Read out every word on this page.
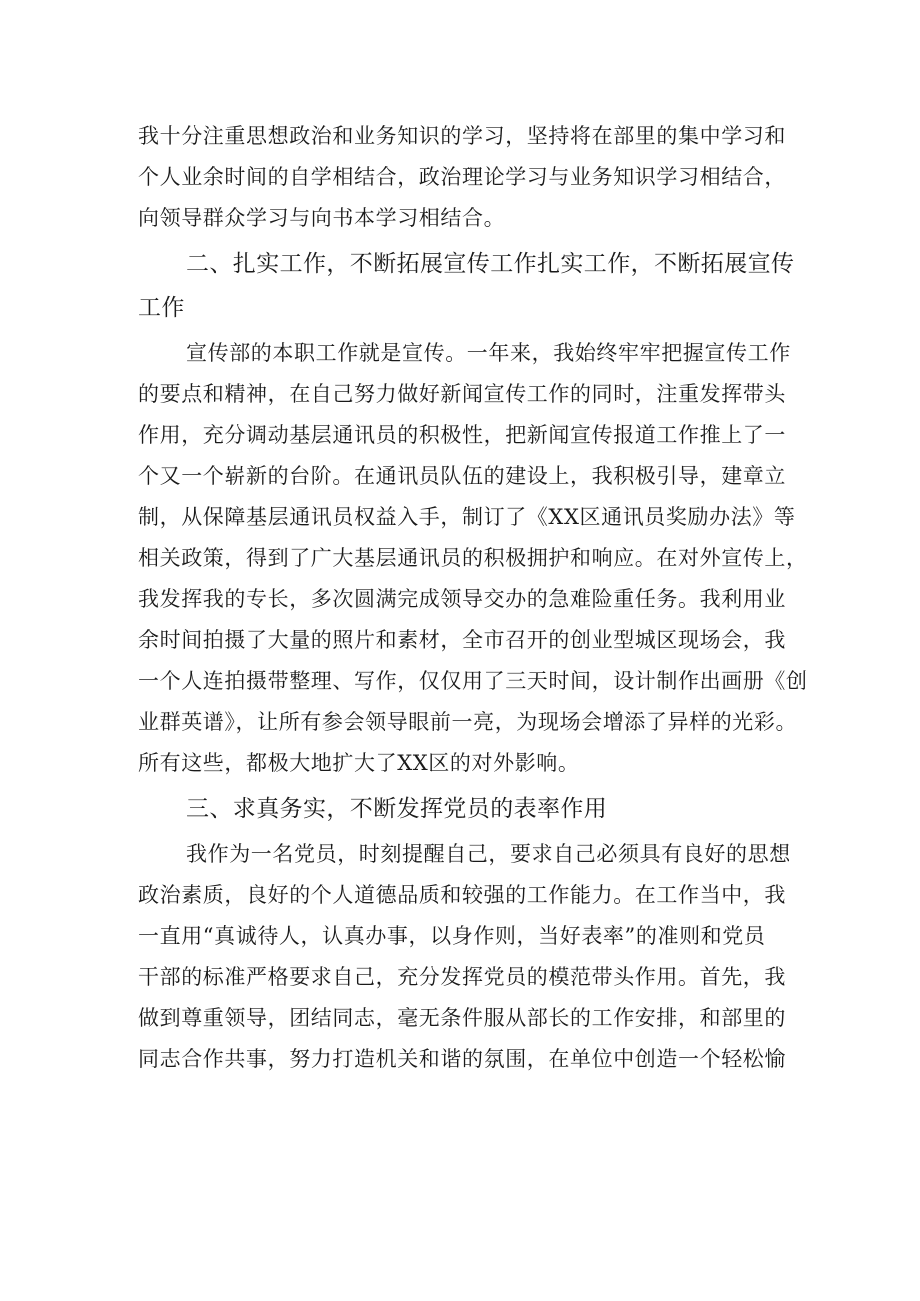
我十分注重思想政治和业务知识的学习，坚持将在部里的集中学习和
个人业余时间的自学相结合，政治理论学习与业务知识学习相结合，
向领导群众学习与向书本学习相结合。

二、扎实工作，不断拓展宣传工作扎实工作，不断拓展宣传
工作

宣传部的本职工作就是宣传。一年来，我始终牢牢把握宣传工作
的要点和精神，在自己努力做好新闻宣传工作的同时，注重发挥带头
作用，充分调动基层通讯员的积极性，把新闻宣传报道工作推上了一
个又一个崭新的台阶。在通讯员队伍的建设上，我积极引导，建章立
制，从保障基层通讯员权益入手，制订了《XX区通讯员奖励办法》等
相关政策，得到了广大基层通讯员的积极拥护和响应。在对外宣传上，
我发挥我的专长，多次圆满完成领导交办的急难险重任务。我利用业
余时间拍摄了大量的照片和素材，全市召开的创业型城区现场会，我
一个人连拍摄带整理、写作，仅仅用了三天时间，设计制作出画册《创
业群英谱》，让所有参会领导眼前一亮，为现场会增添了异样的光彩。
所有这些，都极大地扩大了XX区的对外影响。

三、求真务实，不断发挥党员的表率作用

我作为一名党员，时刻提醒自己，要求自己必须具有良好的思想
政治素质，良好的个人道德品质和较强的工作能力。在工作当中，我
一直用“真诚待人，认真办事，以身作则，当好表率”的准则和党员
干部的标准严格要求自己，充分发挥党员的模范带头作用。首先，我
做到尊重领导，团结同志，毫无条件服从部长的工作安排，和部里的
同志合作共事，努力打造机关和谐的氛围，在单位中创造一个轻松愉
